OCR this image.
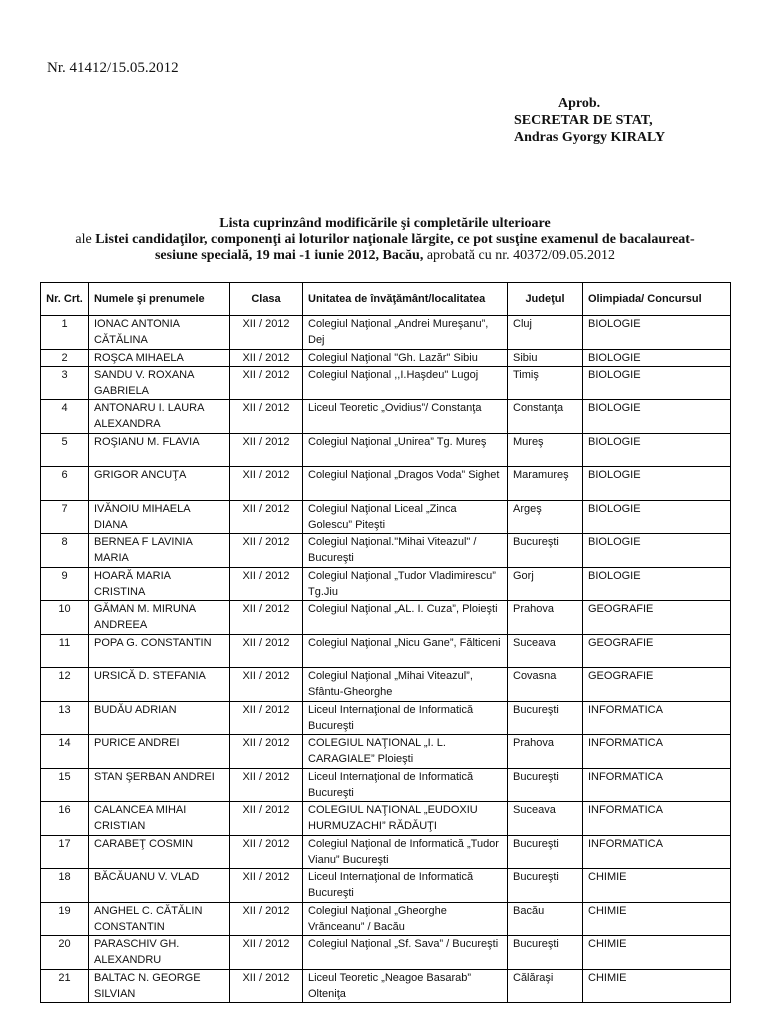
Nr. 41412/15.05.2012
Aprob.
SECRETAR DE STAT,
Andras Gyorgy KIRALY
Lista cuprinzând modificările şi completările ulterioare
ale Listei candidaţilor, componenţi ai loturilor naţionale lărgite, ce pot susţine examenul de bacalaureat-
sesiune specială, 19 mai -1 iunie 2012, Bacău, aprobată cu nr. 40372/09.05.2012
Nr. Crt.	Numele şi prenumele	Clasa	Unitatea de învăţământ/localitatea	Judeţul	Olimpiada/ Concursul
1	IONAC ANTONIA CĂTĂLINA	XII / 2012	Colegiul Naţional „Andrei Mureşanu”, Dej	Cluj	BIOLOGIE
2	ROŞCA MIHAELA	XII / 2012	Colegiul Naţional "Gh. Lazăr" Sibiu	Sibiu	BIOLOGIE
3	SANDU V. ROXANA GABRIELA	XII / 2012	Colegiul Naţional ,,I.Haşdeu" Lugoj	Timiş	BIOLOGIE
4	ANTONARU I. LAURA ALEXANDRA	XII / 2012	Liceul Teoretic „Ovidius”/ Constanţa	Constanţa	BIOLOGIE
5	ROŞIANU M. FLAVIA	XII / 2012	Colegiul Naţional „Unirea” Tg. Mureş	Mureş	BIOLOGIE
6	GRIGOR ANCUŢA	XII / 2012	Colegiul Naţional „Dragos Voda” Sighet	Maramureş	BIOLOGIE
7	IVĂNOIU MIHAELA DIANA	XII / 2012	Colegiul Naţional Liceal „Zinca Golescu” Piteşti	Argeş	BIOLOGIE
8	BERNEA F LAVINIA MARIA	XII / 2012	Colegiul Naţional."Mihai Viteazul" / Bucureşti	Bucureşti	BIOLOGIE
9	HOARĂ MARIA CRISTINA	XII / 2012	Colegiul Naţional „Tudor Vladimirescu” Tg.Jiu	Gorj	BIOLOGIE
10	GĂMAN M. MIRUNA ANDREEA	XII / 2012	Colegiul Naţional „AL. I. Cuza”, Ploieşti	Prahova	GEOGRAFIE
11	POPA G. CONSTANTIN	XII / 2012	Colegiul Naţional „Nicu Gane”, Fălticeni	Suceava	GEOGRAFIE
12	URSICĂ D. STEFANIA	XII / 2012	Colegiul Naţional „Mihai Viteazul”, Sfântu-Gheorghe	Covasna	GEOGRAFIE
13	BUDĂU ADRIAN	XII / 2012	Liceul Internaţional de Informatică Bucureşti	Bucureşti	INFORMATICA
14	PURICE ANDREI	XII / 2012	COLEGIUL NAŢIONAL „I. L. CARAGIALE” Ploieşti	Prahova	INFORMATICA
15	STAN ŞERBAN ANDREI	XII / 2012	Liceul Internaţional de Informatică Bucureşti	Bucureşti	INFORMATICA
16	CALANCEA MIHAI CRISTIAN	XII / 2012	COLEGIUL NAŢIONAL „EUDOXIU HURMUZACHI” RĂDĂUŢI	Suceava	INFORMATICA
17	CARABEŢ COSMIN	XII / 2012	Colegiul Naţional de Informatică „Tudor Vianu” Bucureşti	Bucureşti	INFORMATICA
18	BĂCĂUANU V. VLAD	XII / 2012	Liceul Internaţional de Informatică Bucureşti	Bucureşti	CHIMIE
19	ANGHEL C. CĂTĂLIN CONSTANTIN	XII / 2012	Colegiul Naţional „Gheorghe Vrănceanu” / Bacău	Bacău	CHIMIE
20	PARASCHIV GH. ALEXANDRU	XII / 2012	Colegiul Naţional „Sf. Sava” / Bucureşti	Bucureşti	CHIMIE
21	BALTAC N. GEORGE SILVIAN	XII / 2012	Liceul Teoretic „Neagoe Basarab” Olteniţa	Călăraşi	CHIMIE
